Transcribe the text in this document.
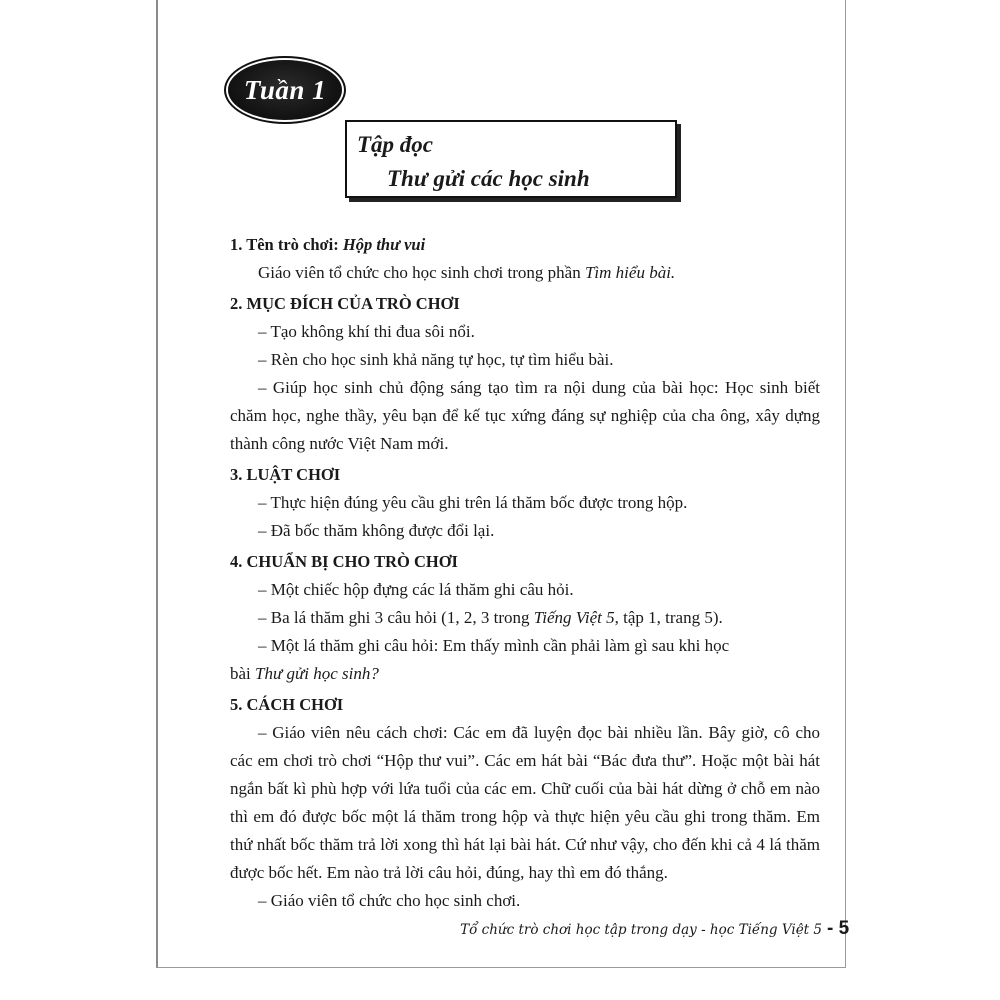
Tuần 1
Tập đọc
Thư gửi các học sinh
1. Tên trò chơi: Hộp thư vui

Giáo viên tổ chức cho học sinh chơi trong phần Tìm hiểu bài.

2. MỤC ĐÍCH CỦA TRÒ CHƠI

– Tạo không khí thi đua sôi nổi.

– Rèn cho học sinh khả năng tự học, tự tìm hiểu bài.

– Giúp học sinh chủ động sáng tạo tìm ra nội dung của bài học: Học sinh biết chăm học, nghe thầy, yêu bạn để kế tục xứng đáng sự nghiệp của cha ông, xây dựng thành công nước Việt Nam mới.

3. LUẬT CHƠI

– Thực hiện đúng yêu cầu ghi trên lá thăm bốc được trong hộp.

– Đã bốc thăm không được đổi lại.

4. CHUẨN BỊ CHO TRÒ CHƠI

– Một chiếc hộp đựng các lá thăm ghi câu hỏi.

– Ba lá thăm ghi 3 câu hỏi (1, 2, 3 trong Tiếng Việt 5, tập 1, trang 5).

– Một lá thăm ghi câu hỏi: Em thấy mình cần phải làm gì sau khi học

bài Thư gửi học sinh?

5. CÁCH CHƠI

– Giáo viên nêu cách chơi: Các em đã luyện đọc bài nhiều lần. Bây giờ, cô cho các em chơi trò chơi “Hộp thư vui”. Các em hát bài “Bác đưa thư”. Hoặc một bài hát ngắn bất kì phù hợp với lứa tuổi của các em. Chữ cuối của bài hát dừng ở chỗ em nào thì em đó được bốc một lá thăm trong hộp và thực hiện yêu cầu ghi trong thăm. Em thứ nhất bốc thăm trả lời xong thì hát lại bài hát. Cứ như vậy, cho đến khi cả 4 lá thăm được bốc hết. Em nào trả lời câu hỏi, đúng, hay thì em đó thắng.

– Giáo viên tổ chức cho học sinh chơi.

Tổ chức trò chơi học tập trong dạy - học Tiếng Việt 5 - 5
